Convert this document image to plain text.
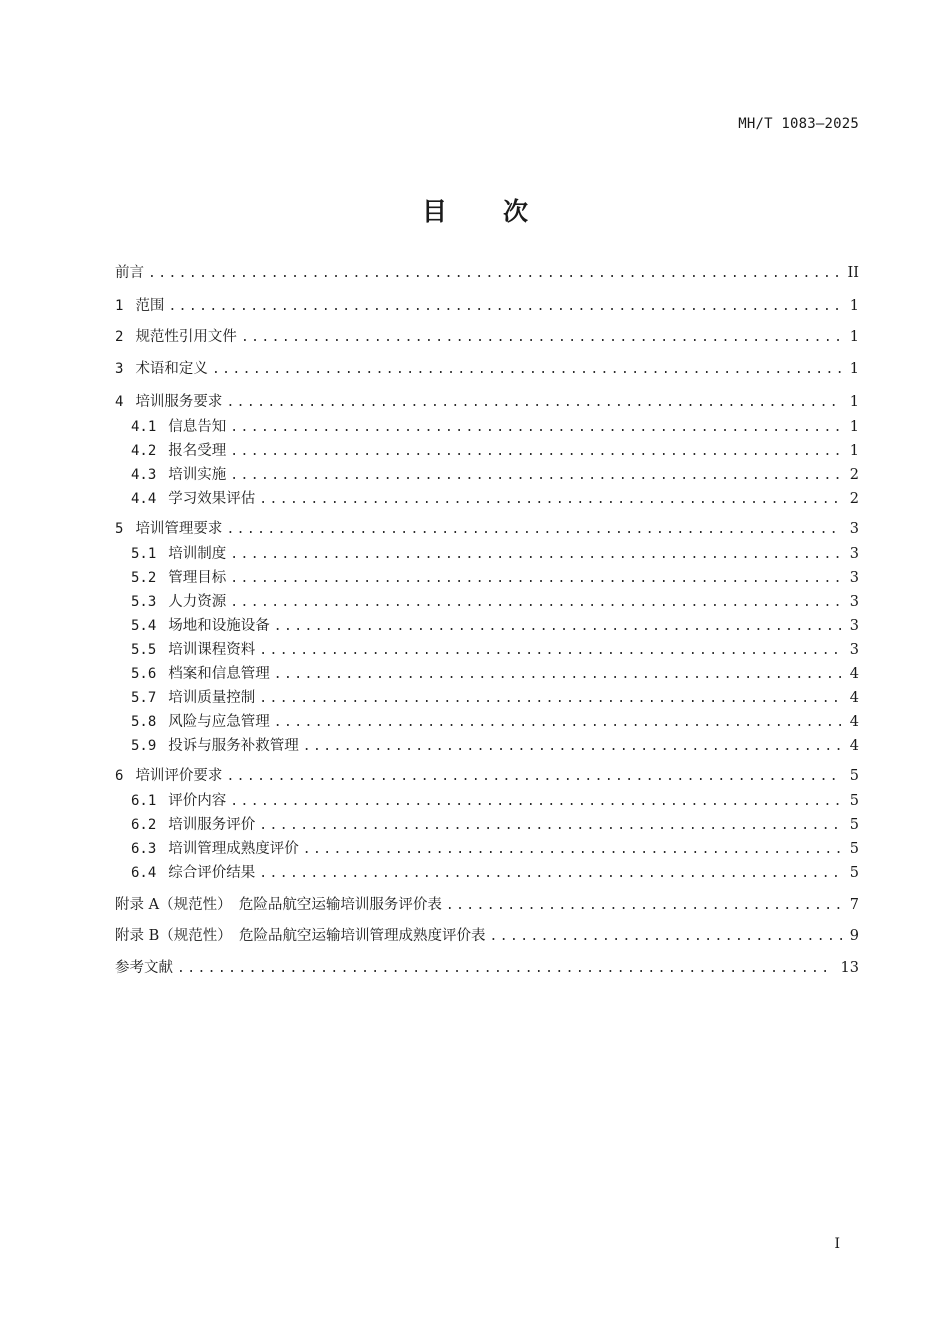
MH/T 1083—2025
目 次
前言 .....	II
1 范围 .....	1
2 规范性引用文件 .....	1
3 术语和定义 .....	1
4 培训服务要求 .....	1
4.1 信息告知 .....	1
4.2 报名受理 .....	1
4.3 培训实施 .....	2
4.4 学习效果评估 .....	2
5 培训管理要求 .....	3
5.1 培训制度 .....	3
5.2 管理目标 .....	3
5.3 人力资源 .....	3
5.4 场地和设施设备 .....	3
5.5 培训课程资料 .....	3
5.6 档案和信息管理 .....	4
5.7 培训质量控制 .....	4
5.8 风险与应急管理 .....	4
5.9 投诉与服务补救管理 .....	4
6 培训评价要求 .....	5
6.1 评价内容 .....	5
6.2 培训服务评价 .....	5
6.3 培训管理成熟度评价 .....	5
6.4 综合评价结果 .....	5
附录 A（规范性）　危险品航空运输培训服务评价表 .....	7
附录 B（规范性）　危险品航空运输培训管理成熟度评价表 .....	9
参考文献 .....	13
I
